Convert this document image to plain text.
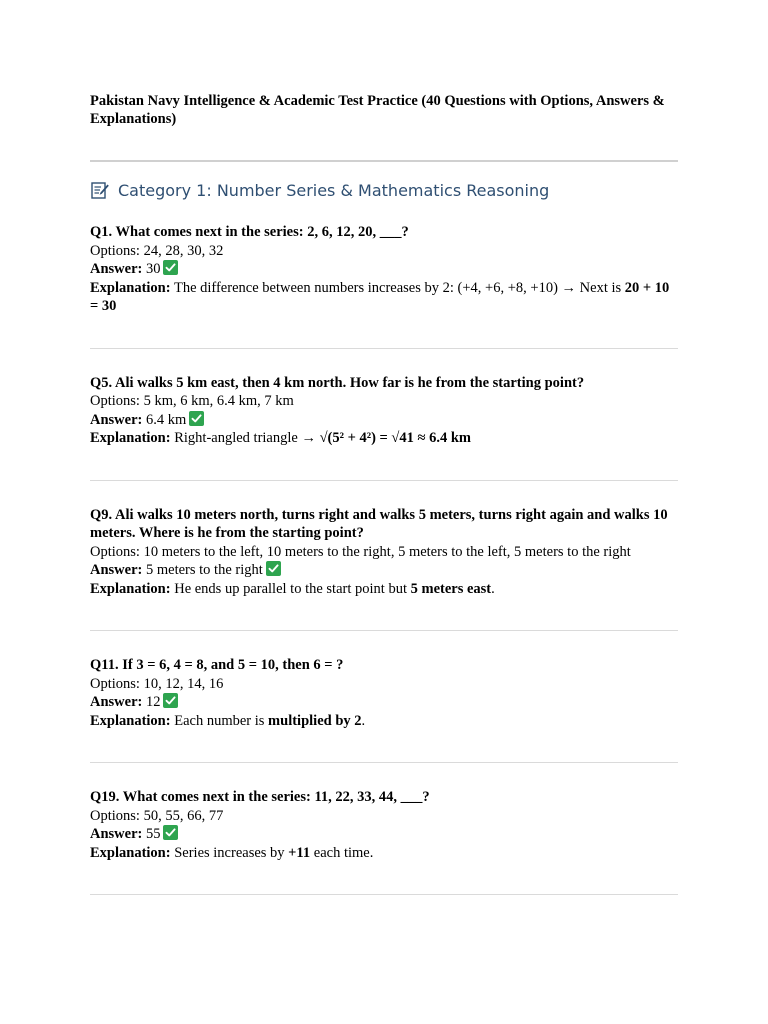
Pakistan Navy Intelligence & Academic Test Practice (40 Questions with Options, Answers & Explanations)

Category 1: Number Series & Mathematics Reasoning
Q1. What comes next in the series: 2, 6, 12, 20, ___?
Options: 24, 28, 30, 32
Answer: 30
Explanation: The difference between numbers increases by 2: (+4, +6, +8, +10) → Next is 20 + 10 = 30
Q5. Ali walks 5 km east, then 4 km north. How far is he from the starting point?
Options: 5 km, 6 km, 6.4 km, 7 km
Answer: 6.4 km
Explanation: Right-angled triangle → √(5² + 4²) = √41 ≈ 6.4 km
Q9. Ali walks 10 meters north, turns right and walks 5 meters, turns right again and walks 10 meters. Where is he from the starting point?
Options: 10 meters to the left, 10 meters to the right, 5 meters to the left, 5 meters to the right
Answer: 5 meters to the right
Explanation: He ends up parallel to the start point but 5 meters east.
Q11. If 3 = 6, 4 = 8, and 5 = 10, then 6 = ?
Options: 10, 12, 14, 16
Answer: 12
Explanation: Each number is multiplied by 2.
Q19. What comes next in the series: 11, 22, 33, 44, ___?
Options: 50, 55, 66, 77
Answer: 55
Explanation: Series increases by +11 each time.
